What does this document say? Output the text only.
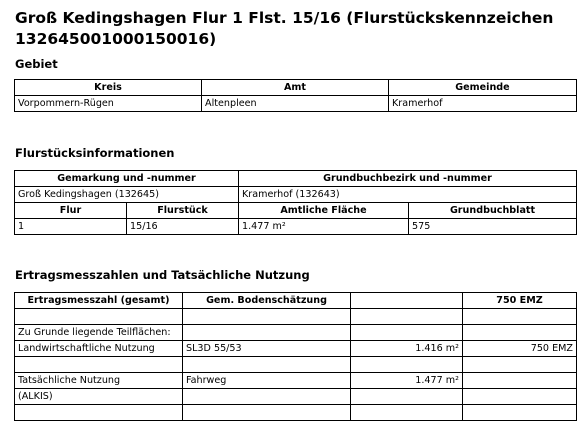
Groß Kedingshagen Flur 1 Flst. 15/16 (Flurstückskennzeichen 132645001000150016)
Gebiet
Kreis	Amt	Gemeinde
Vorpommern-Rügen	Altenpleen	Kramerhof
Flurstücksinformationen
Gemarkung und -nummer		Grundbuchbezirk und -nummer	
Groß Kedingshagen (132645)		Kramerhof (132643)	
Flur	Flurstück	Amtliche Fläche	Grundbuchblatt
1	15/16	1.477 m²	575
Ertragsmesszahlen und Tatsächliche Nutzung
Ertragsmesszahl (gesamt)	Gem. Bodenschätzung		750 EMZ

Zu Grunde liegende Teilflächen:			
Landwirtschaftliche Nutzung	SL3D 55/53	1.416 m²	750 EMZ

Tatsächliche Nutzung	Fahrweg	1.477 m²	
(ALKIS)			
